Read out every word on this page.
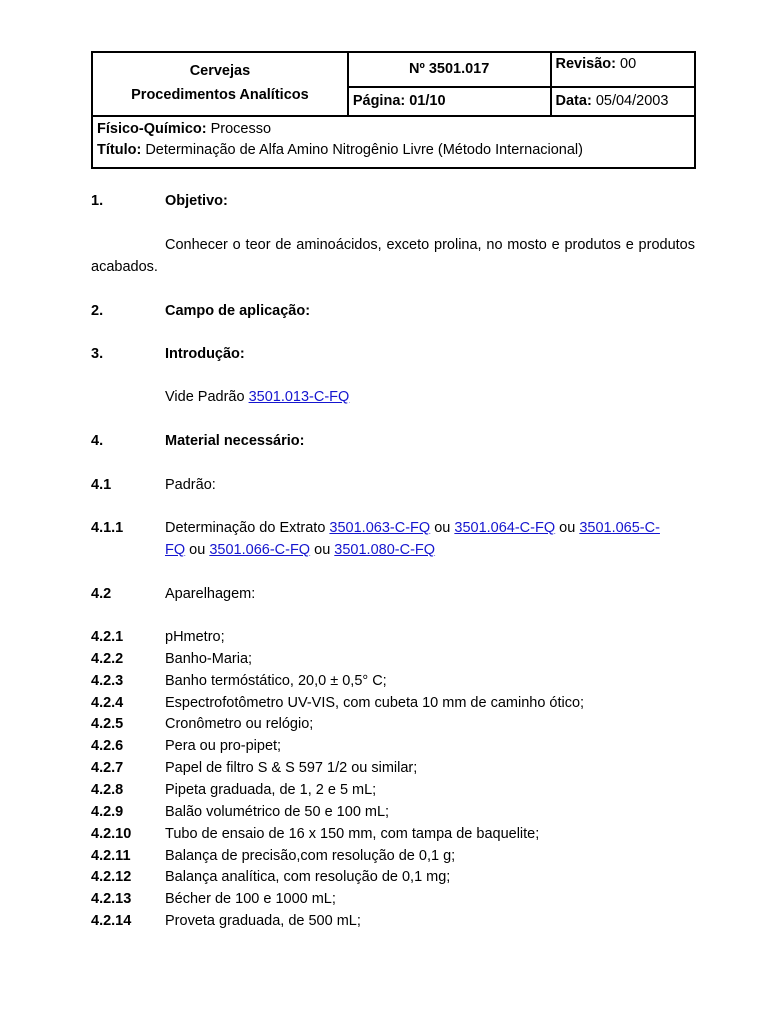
Cervejas
Procedimentos Analíticos	Nº 3501.017	Revisão: 00
	Página: 01/10	Data: 05/04/2003

Físico-Químico: Processo
Título: Determinação de Alfa Amino Nitrogênio Livre (Método Internacional)		
1.	Objetivo:
Conhecer o teor de aminoácidos, exceto prolina, no mosto e produtos e produtos acabados.
2.	Campo de aplicação:
3.	Introdução:
Vide Padrão 3501.013-C-FQ
4.	Material necessário:
4.1	Padrão:
4.1.1	Determinação do Extrato 3501.063-C-FQ ou 3501.064-C-FQ ou 3501.065-C-
FQ ou 3501.066-C-FQ ou 3501.080-C-FQ
4.2	Aparelhagem:
4.2.1	pHmetro;
4.2.2	Banho-Maria;
4.2.3	Banho termóstático, 20,0 ± 0,5° C;
4.2.4	Espectrofotômetro UV-VIS, com cubeta 10 mm de caminho ótico;
4.2.5	Cronômetro ou relógio;
4.2.6	Pera ou pro-pipet;
4.2.7	Papel de filtro S & S 597 1/2 ou similar;
4.2.8	Pipeta graduada, de 1, 2 e 5 mL;
4.2.9	Balão volumétrico de 50 e 100 mL;
4.2.10 Tubo de ensaio de 16 x 150 mm, com tampa de baquelite;
4.2.11 Balança de precisão,com resolução de 0,1 g;
4.2.12 Balança analítica, com resolução de 0,1 mg;
4.2.13 Bécher de 100 e 1000 mL;
4.2.14 Proveta graduada, de 500 mL;
